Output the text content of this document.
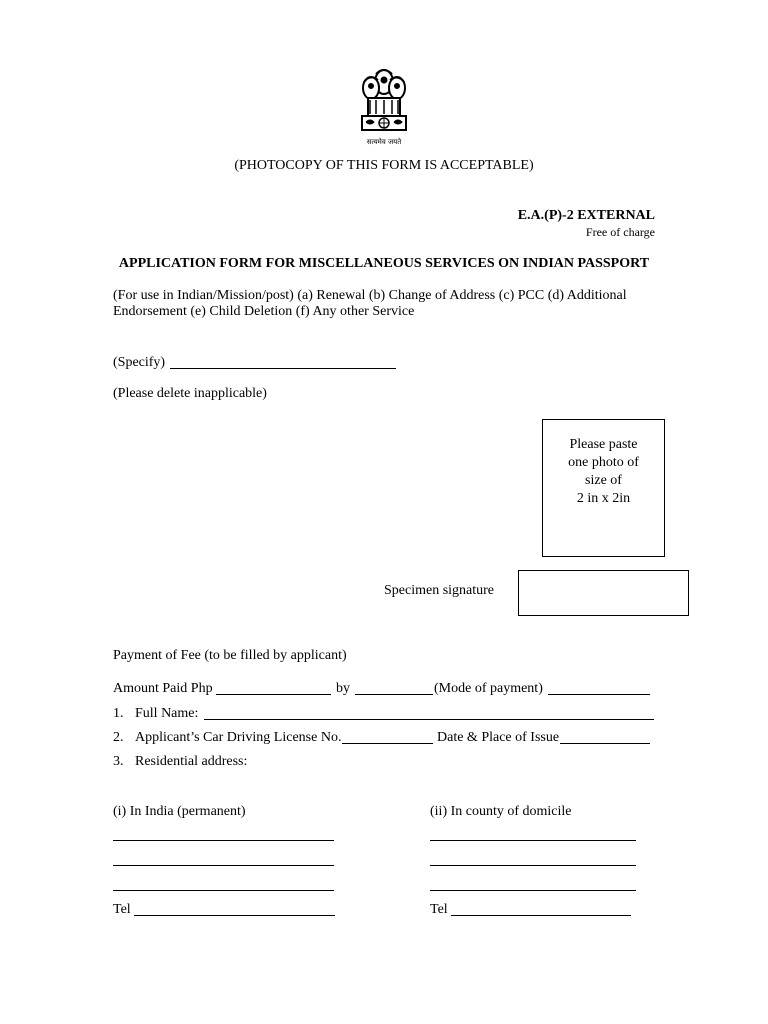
सत्यमेव जयते
(PHOTOCOPY OF THIS FORM IS ACCEPTABLE)
E.A.(P)-2 EXTERNAL
Free of charge
APPLICATION FORM FOR MISCELLANEOUS SERVICES ON INDIAN PASSPORT
(For use in Indian/Mission/post) (a) Renewal (b) Change of Address (c) PCC (d) Additional
Endorsement (e) Child Deletion (f) Any other Service
(Specify)
(Please delete inapplicable)
Please paste
one photo of
size of
2 in x 2in
Specimen signature
Payment of Fee (to be filled by applicant)
Amount Paid Php	by	(Mode of payment)
1. Full Name:
2. Applicant’s Car Driving License No.	Date & Place of Issue
3. Residential address:
(i) In India (permanent)	(ii) In county of domicile
Tel	Tel
